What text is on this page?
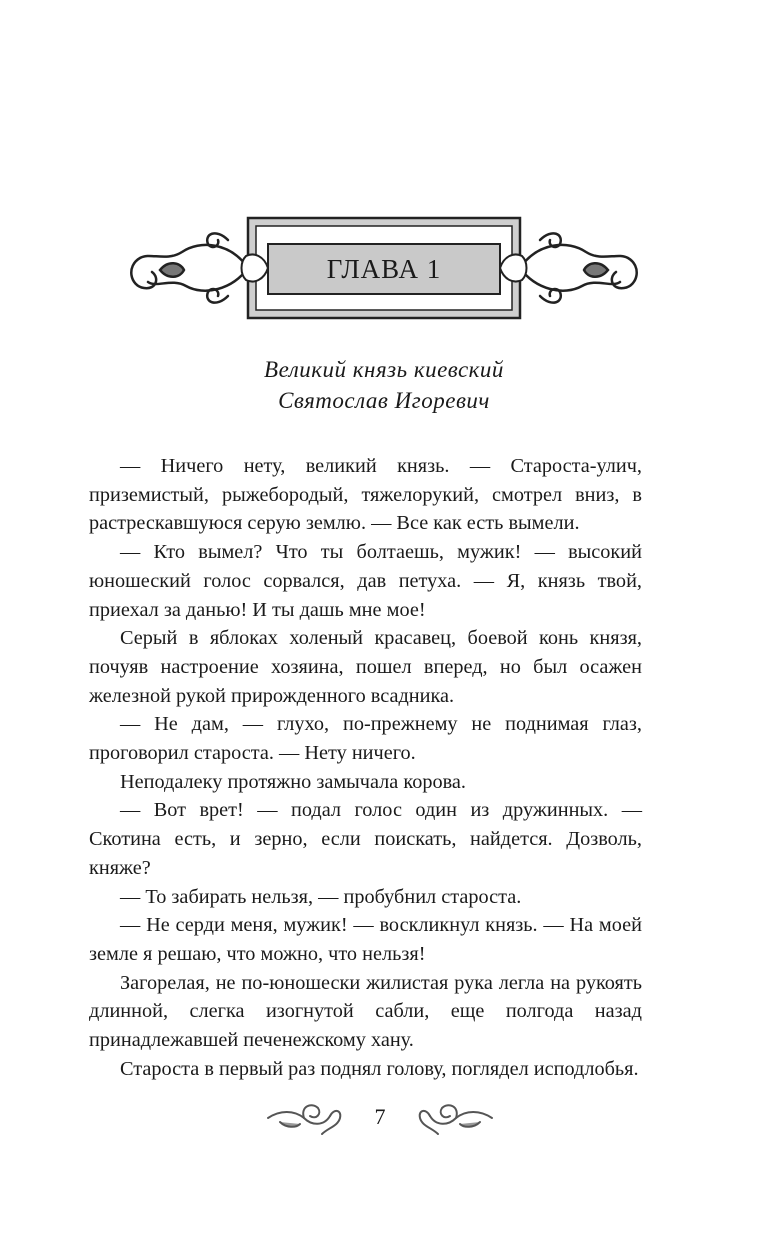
ГЛАВА 1
Великий князь киевский
Святослав Игоревич

— Ничего нету, великий князь. — Староста-улич, приземистый, рыжебородый, тяжелорукий, смотрел вниз, в растрескавшуюся серую землю. — Все как есть вымели.

— Кто вымел? Что ты болтаешь, мужик! — высокий юношеский голос сорвался, дав петуха. — Я, князь твой, приехал за данью! И ты дашь мне мое!

Серый в яблоках холеный красавец, боевой конь князя, почуяв настроение хозяина, пошел вперед, но был осажен железной рукой прирожденного всадника.

— Не дам, — глухо, по-прежнему не поднимая глаз, проговорил староста. — Нету ничего.

Неподалеку протяжно замычала корова.

— Вот врет! — подал голос один из дружинных. — Скотина есть, и зерно, если поискать, найдется. Дозволь, княже?

— То забирать нельзя, — пробубнил староста.

— Не серди меня, мужик! — воскликнул князь. — На моей земле я решаю, что можно, что нельзя!

Загорелая, не по-юношески жилистая рука легла на рукоять длинной, слегка изогнутой сабли, еще полгода назад принадлежавшей печенежскому хану.

Староста в первый раз поднял голову, поглядел исподлобья.

7
